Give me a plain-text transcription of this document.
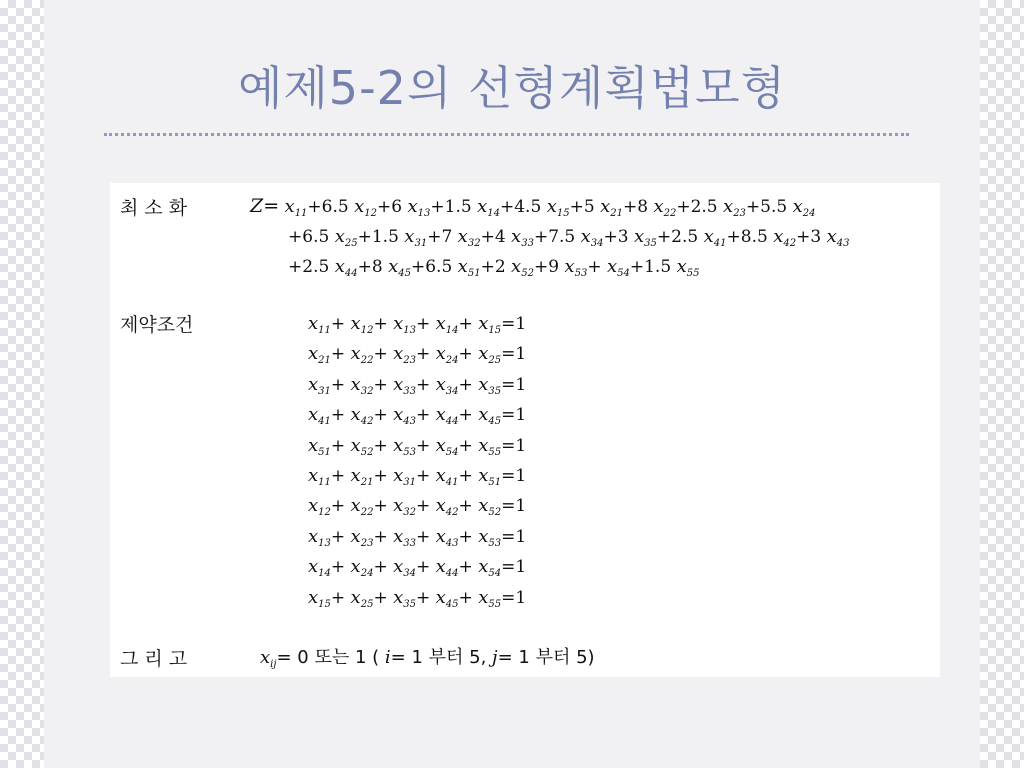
예제5-2의 선형계획법모형
최 소 화	$Z= x_{11}+6.5$ $x_{12}+6$ $x_{13}+1.5$ $x_{14}+4.5$ $x_{15}+5$ $x_{21}+8$ $x_{22}+2.5$ $x_{23}+5.5$ $x_{24}$
+6.5 $x_{25}+1.5$ $x_{31}+7$ $x_{32}+4$ $x_{33}+7.5$ $x_{34}+3$ $x_{35}+2.5$ $x_{41}+8.5$ $x_{42}+3$ $x_{43}$
+2.5 $x_{44}+8$ $x_{45}+6.5$ $x_{51}+2$ $x_{52}+9$ $x_{53}+ x_{54}+1.5$ $x_{55}$
제약조건	$x_{11}+ x_{12}+ x_{13}+ x_{14}+ x_{15}=1$
$x_{21}+ x_{22}+ x_{23}+ x_{24}+ x_{25}=1$
$x_{31}+ x_{32}+ x_{33}+ x_{34}+ x_{35}=1$
$x_{41}+ x_{42}+ x_{43}+ x_{44}+ x_{45}=1$
$x_{51}+ x_{52}+ x_{53}+ x_{54}+ x_{55}=1$
$x_{11}+ x_{21}+ x_{31}+ x_{41}+ x_{51}=1$
$x_{12}+ x_{22}+ x_{32}+ x_{42}+ x_{52}=1$
$x_{13}+ x_{23}+ x_{33}+ x_{43}+ x_{53}=1$
$x_{14}+ x_{24}+ x_{34}+ x_{44}+ x_{54}=1$
$x_{15}+ x_{25}+ x_{35}+ x_{45}+ x_{55}=1$
그 리 고	$x_{ij}= 0$ 또는 1 ( i= 1 부터 5, j= 1 부터 5)
